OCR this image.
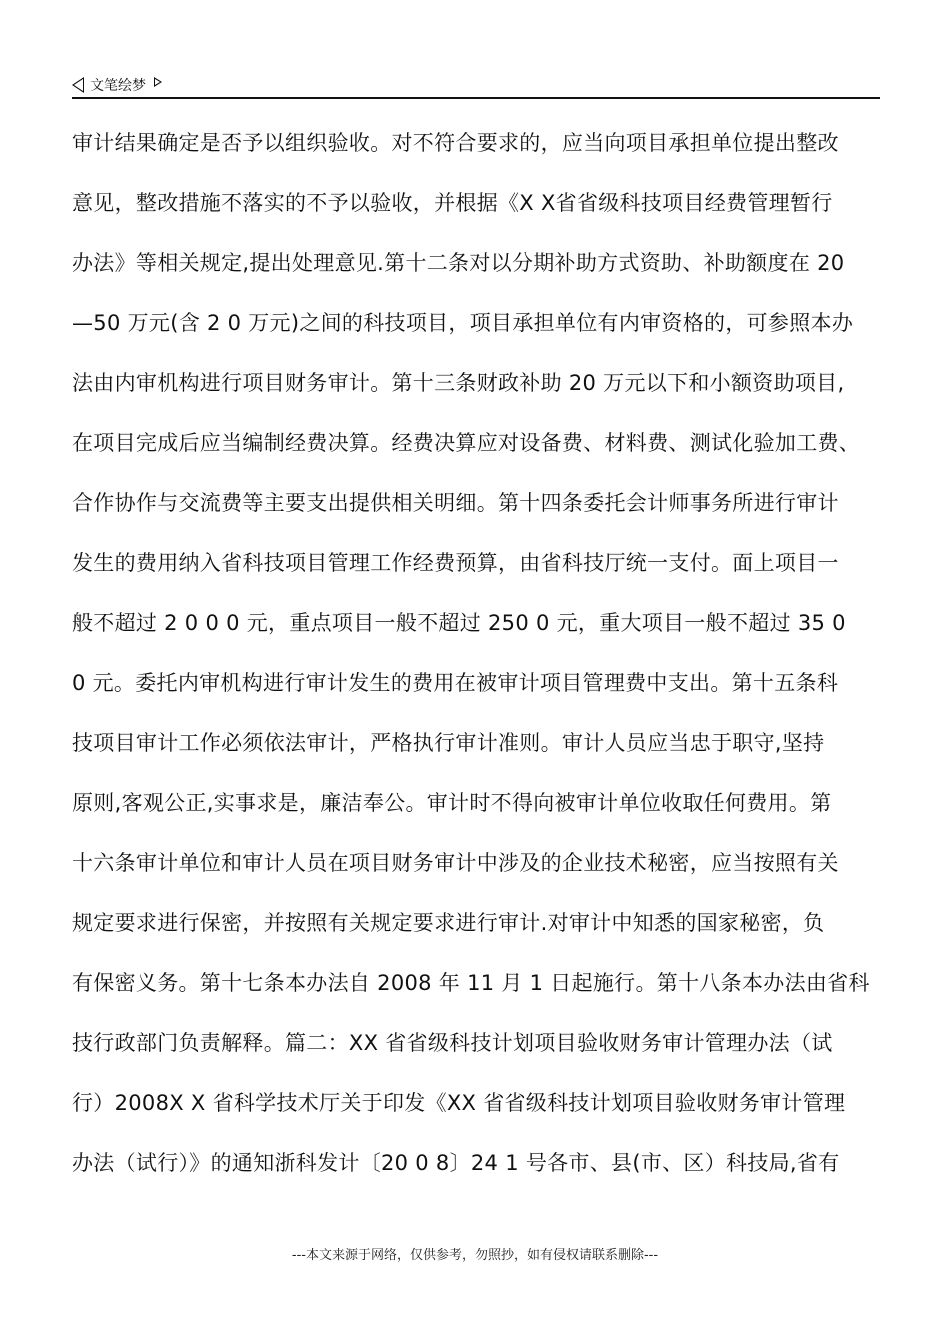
文笔绘梦
审计结果确定是否予以组织验收。对不符合要求的，应当向项目承担单位提出整改
意见，整改措施不落实的不予以验收，并根据《X X省省级科技项目经费管理暂行
办法》等相关规定,提出处理意见.第十二条对以分期补助方式资助、补助额度在 20
—50 万元(含 2 0 万元)之间的科技项目，项目承担单位有内审资格的，可参照本办
法由内审机构进行项目财务审计。第十三条财政补助 20 万元以下和小额资助项目,
在项目完成后应当编制经费决算。经费决算应对设备费、材料费、测试化验加工费、
合作协作与交流费等主要支出提供相关明细。第十四条委托会计师事务所进行审计
发生的费用纳入省科技项目管理工作经费预算，由省科技厅统一支付。面上项目一
般不超过 2 0 0 0 元，重点项目一般不超过 250 0 元，重大项目一般不超过 35 0
0 元。委托内审机构进行审计发生的费用在被审计项目管理费中支出。第十五条科
技项目审计工作必须依法审计，严格执行审计准则。审计人员应当忠于职守,坚持
原则,客观公正,实事求是，廉洁奉公。审计时不得向被审计单位收取任何费用。第
十六条审计单位和审计人员在项目财务审计中涉及的企业技术秘密，应当按照有关
规定要求进行保密，并按照有关规定要求进行审计.对审计中知悉的国家秘密，负
有保密义务。第十七条本办法自 2008 年 11 月 1 日起施行。第十八条本办法由省科
技行政部门负责解释。篇二：XX 省省级科技计划项目验收财务审计管理办法（试
行）2008X X 省科学技术厅关于印发《XX 省省级科技计划项目验收财务审计管理
办法（试行）》的通知浙科发计〔20 0 8〕24 1 号各市、县(市、区）科技局,省有
---本文来源于网络，仅供参考，勿照抄，如有侵权请联系删除---
